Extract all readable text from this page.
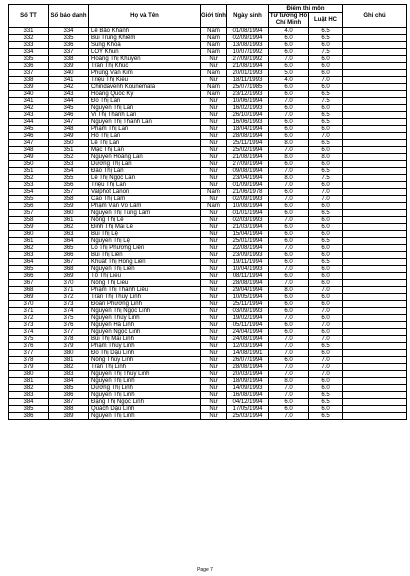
Số TT	Số báo danh	Họ và Tên	Giới tính	Ngày sinh	Điểm thi môn		Ghi chú
					Tư tưởng Hồ Chí Minh	Luật HC	
331	334	Lê Bảo Khánh	Nam	01/08/1994	4.0	6.5	
332	335	Bùi Trung Khiêm	Nam	02/09/1994	6.0	6.5	
333	336	Sung Khoa	Nam	13/08/1993	6.0	6.0	
334	337	LÒY Khun	Nam	10/07/1992	6.0	7.5	
335	338	Hoàng Thị Khuyên	Nữ	27/09/1992	7.0	6.0	
336	339	Trần Thị Khúc	Nữ	21/08/1994	6.0	6.0	
337	340	Phùng Văn Kim	Nam	20/01/1993	5.0	6.0	
338	341	Triệu Thị Kiều	Nữ	18/11/1993	4.0	7.0	
339	342	Chindavenh Kounemala	Nam	25/07/1985	6.0	6.0	
340	343	Hoàng Quốc Kỳ	Nam	23/12/1993	6.0	6.5	
341	344	Đỗ Thị Lan	Nữ	10/06/1994	7.0	7.5	
342	345	Nguyễn Thị Lan	Nữ	16/02/1993	6.0	6.0	
343	346	Vi Thị Thanh Lan	Nữ	26/10/1994	7.0	6.5	
344	347	Nguyễn Thị Thanh Lan	Nữ	16/06/1993	6.0	6.5	
345	348	Phạm Thị Lan	Nữ	18/04/1994	6.0	6.0	
346	349	Hồ Thị Lan	Nữ	28/08/1994	6.0	7.0	
347	350	Lê Thị Lan	Nữ	25/11/1994	8.0	6.5	
348	351	Mạc Thị Lan	Nữ	25/02/1994	7.0	6.0	
349	352	Nguyễn Hoàng Lan	Nữ	21/08/1994	8.0	8.0	
350	353	Dương Thị Lan	Nữ	27/09/1994	6.0	6.0	
351	354	Đào Thị Lan	Nữ	09/08/1994	7.0	6.5	
352	355	Lê Thị Ngọc Lan	Nữ	23/04/1994	8.0	7.5	
353	356	Triệu Thị Lan	Nữ	01/09/1994	7.0	6.0	
354	357	Valphot Lanon	Nam	21/06/1978	6.0	7.0	
355	358	Cao Thị Lâm	Nữ	02/09/1993	7.0	7.0	
356	359	Phạm Văn Võ Lâm	Nam	10/08/1994	6.0	6.0	
357	360	Nguyễn Thị Tùng Lâm	Nữ	01/01/1994	6.0	6.5	
358	361	Nông Thị Lê	Nữ	02/03/1993	7.0	6.0	
359	362	Đinh Thị Mai Lê	Nữ	21/03/1994	6.0	6.0	
360	363	Bùi Thị Lệ	Nữ	15/04/1994	6.0	6.0	
361	364	Nguyễn Thị Lệ	Nữ	25/01/1994	6.0	6.5	
362	365	Lỗ Thị Phương Liên	Nữ	22/08/1994	7.0	6.0	
363	366	Bùi Thị Liên	Nữ	23/09/1993	6.0	6.0	
364	367	Khuất Thị Hồng Liên	Nữ	19/11/1994	6.0	6.5	
365	368	Nguyễn Thị Liên	Nữ	10/04/1993	7.0	6.0	
366	369	Tô Thị Liễu	Nữ	08/11/1994	6.0	6.0	
367	370	Nông Thị Liễu	Nữ	28/08/1994	7.0	6.0	
368	371	Phạm Thị Thanh Liêu	Nữ	29/04/1994	8.0	7.0	
369	372	Trần Thị Thùy Linh	Nữ	10/05/1994	6.0	6.0	
370	373	Đoàn Phương Linh	Nữ	25/11/1994	6.0	6.0	
371	374	Nguyễn Thị Ngọc Linh	Nữ	03/09/1993	6.0	7.0	
372	375	Nguyễn Thùy Linh	Nữ	19/02/1994	7.0	6.0	
373	376	Nguyễn Hà Linh	Nữ	05/11/1994	6.0	7.0	
374	377	Nguyễn Ngọc Linh	Nữ	24/04/1994	6.0	6.0	
375	378	Bùi Thị Mai Linh	Nữ	24/08/1994	7.0	7.0	
376	379	Phạm Thùy Linh	Nữ	12/03/1994	7.0	6.5	
377	380	Đỗ Thị Dậu Linh	Nữ	14/08/1991	7.0	6.0	
378	381	Nông Thùy Linh	Nữ	26/07/1994	6.0	7.0	
379	382	Trần Thị Linh	Nữ	28/08/1994	7.0	7.0	
380	383	Nguyễn Thị Thùy Linh	Nữ	20/03/1994	7.0	7.0	
381	384	Nguyễn Thị Linh	Nữ	18/09/1994	8.0	6.0	
382	385	Dương Thị Linh	Nữ	14/09/1993	7.0	6.0	
383	386	Nguyễn Thị Linh	Nữ	16/08/1994	7.0	6.5	
384	387	Đặng Thị Ngọc Linh	Nữ	04/12/1994	6.0	6.5	
385	388	Quách Dậu Linh	Nữ	17/05/1994	6.0	6.0	
386	389	Nguyễn Thị Linh	Nữ	25/03/1994	7.0	6.5	
Page 7
